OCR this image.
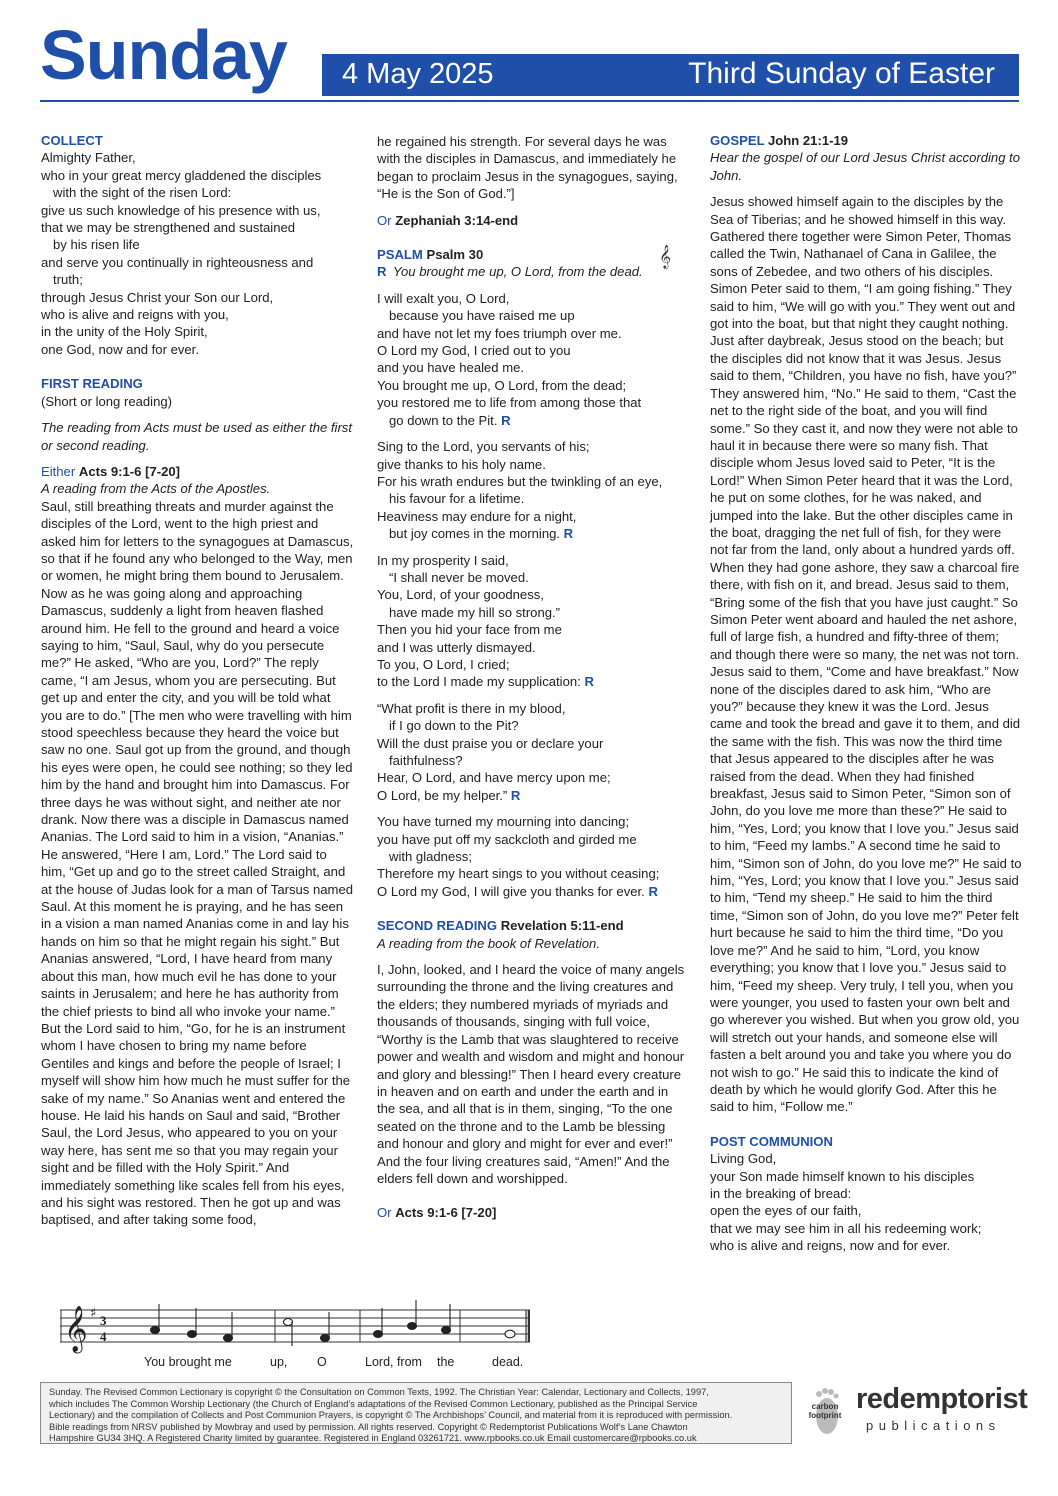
Sunday 4 May 2025	Third Sunday of Easter
COLLECT
Almighty Father,
who in your great mercy gladdened the disciples
with the sight of the risen Lord:
give us such knowledge of his presence with us,
that we may be strengthened and sustained
by his risen life
and serve you continually in righteousness and
truth;
through Jesus Christ your Son our Lord,
who is alive and reigns with you,
in the unity of the Holy Spirit,
one God, now and for ever.
FIRST READING
(Short or long reading)
The reading from Acts must be used as either the first or second reading.
Either Acts 9:1-6 [7-20]
A reading from the Acts of the Apostles.
Saul, still breathing threats and murder against the disciples of the Lord, went to the high priest and asked him for letters to the synagogues at Damascus, so that if he found any who belonged to the Way, men or women, he might bring them bound to Jerusalem. Now as he was going along and approaching Damascus, suddenly a light from heaven flashed around him. He fell to the ground and heard a voice saying to him, “Saul, Saul, why do you persecute me?” He asked, “Who are you, Lord?” The reply came, “I am Jesus, whom you are persecuting. But get up and enter the city, and you will be told what you are to do.” [The men who were travelling with him stood speechless because they heard the voice but saw no one. Saul got up from the ground, and though his eyes were open, he could see nothing; so they led him by the hand and brought him into Damascus. For three days he was without sight, and neither ate nor drank. Now there was a disciple in Damascus named Ananias. The Lord said to him in a vision, “Ananias.” He answered, “Here I am, Lord.” The Lord said to him, “Get up and go to the street called Straight, and at the house of Judas look for a man of Tarsus named Saul. At this moment he is praying, and he has seen in a vision a man named Ananias come in and lay his hands on him so that he might regain his sight.” But Ananias answered, “Lord, I have heard from many about this man, how much evil he has done to your saints in Jerusalem; and here he has authority from the chief priests to bind all who invoke your name.” But the Lord said to him, “Go, for he is an instrument whom I have chosen to bring my name before Gentiles and kings and before the people of Israel; I myself will show him how much he must suffer for the sake of my name.” So Ananias went and entered the house. He laid his hands on Saul and said, “Brother Saul, the Lord Jesus, who appeared to you on your way here, has sent me so that you may regain your sight and be filled with the Holy Spirit.” And immediately something like scales fell from his eyes, and his sight was restored. Then he got up and was baptised, and after taking some food,
he regained his strength. For several days he was with the disciples in Damascus, and immediately he began to proclaim Jesus in the synagogues, saying, “He is the Son of God.”]
Or Zephaniah 3:14-end
PSALM Psalm 30	𝄞
R You brought me up, O Lord, from the dead.
I will exalt you, O Lord,
because you have raised me up
and have not let my foes triumph over me.
O Lord my God, I cried out to you
and you have healed me.
You brought me up, O Lord, from the dead;
you restored me to life from among those that
go down to the Pit. R
Sing to the Lord, you servants of his;
give thanks to his holy name.
For his wrath endures but the twinkling of an eye,
his favour for a lifetime.
Heaviness may endure for a night,
but joy comes in the morning. R
In my prosperity I said,
“I shall never be moved.
You, Lord, of your goodness,
have made my hill so strong.”
Then you hid your face from me
and I was utterly dismayed.
To you, O Lord, I cried;
to the Lord I made my supplication: R
“What profit is there in my blood,
if I go down to the Pit?
Will the dust praise you or declare your
faithfulness?
Hear, O Lord, and have mercy upon me;
O Lord, be my helper.” R
You have turned my mourning into dancing;
you have put off my sackcloth and girded me
with gladness;
Therefore my heart sings to you without ceasing;
O Lord my God, I will give you thanks for ever. R
SECOND READING Revelation 5:11-end
A reading from the book of Revelation.
I, John, looked, and I heard the voice of many angels surrounding the throne and the living creatures and the elders; they numbered myriads of myriads and thousands of thousands, singing with full voice, “Worthy is the Lamb that was slaughtered to receive power and wealth and wisdom and might and honour and glory and blessing!” Then I heard every creature in heaven and on earth and under the earth and in the sea, and all that is in them, singing, “To the one seated on the throne and to the Lamb be blessing and honour and glory and might for ever and ever!” And the four living creatures said, “Amen!” And the elders fell down and worshipped.
Or Acts 9:1-6 [7-20]
GOSPEL John 21:1-19
Hear the gospel of our Lord Jesus Christ according to John.
Jesus showed himself again to the disciples by the Sea of Tiberias; and he showed himself in this way. Gathered there together were Simon Peter, Thomas called the Twin, Nathanael of Cana in Galilee, the sons of Zebedee, and two others of his disciples. Simon Peter said to them, “I am going fishing.” They said to him, “We will go with you.” They went out and got into the boat, but that night they caught nothing. Just after daybreak, Jesus stood on the beach; but the disciples did not know that it was Jesus. Jesus said to them, “Children, you have no fish, have you?” They answered him, “No.” He said to them, “Cast the net to the right side of the boat, and you will find some.” So they cast it, and now they were not able to haul it in because there were so many fish. That disciple whom Jesus loved said to Peter, “It is the Lord!” When Simon Peter heard that it was the Lord, he put on some clothes, for he was naked, and jumped into the lake. But the other disciples came in the boat, dragging the net full of fish, for they were not far from the land, only about a hundred yards off. When they had gone ashore, they saw a charcoal fire there, with fish on it, and bread. Jesus said to them, “Bring some of the fish that you have just caught.” So Simon Peter went aboard and hauled the net ashore, full of large fish, a hundred and fifty-three of them; and though there were so many, the net was not torn. Jesus said to them, “Come and have breakfast.” Now none of the disciples dared to ask him, “Who are you?” because they knew it was the Lord. Jesus came and took the bread and gave it to them, and did the same with the fish. This was now the third time that Jesus appeared to the disciples after he was raised from the dead. When they had finished breakfast, Jesus said to Simon Peter, “Simon son of John, do you love me more than these?” He said to him, “Yes, Lord; you know that I love you.” Jesus said to him, “Feed my lambs.” A second time he said to him, “Simon son of John, do you love me?” He said to him, “Yes, Lord; you know that I love you.” Jesus said to him, “Tend my sheep.” He said to him the third time, “Simon son of John, do you love me?” Peter felt hurt because he said to him the third time, “Do you love me?” And he said to him, “Lord, you know everything; you know that I love you.” Jesus said to him, “Feed my sheep. Very truly, I tell you, when you were younger, you used to fasten your own belt and go wherever you wished. But when you grow old, you will stretch out your hands, and someone else will fasten a belt around you and take you where you do not wish to go.” He said this to indicate the kind of death by which he would glorify God. After this he said to him, “Follow me.”
POST COMMUNION
Living God,
your Son made himself known to his disciples
in the breaking of bread:
open the eyes of our faith,
that we may see him in all his redeeming work;
who is alive and reigns, now and for ever.
𝄞 ♯ 3
4
You brought me	up, O	Lord, from the	dead.
Sunday. The Revised Common Lectionary is copyright © the Consultation on Common Texts, 1992. The Christian Year: Calendar, Lectionary and Collects, 1997,
which includes The Common Worship Lectionary (the Church of England’s adaptations of the Revised Common Lectionary, published as the Principal Service
Lectionary) and the compilation of Collects and Post Communion Prayers, is copyright © The Archbishops’ Council, and material from it is reproduced with permission.
Bible readings from NRSV published by Mowbray and used by permission. All rights reserved. Copyright © Redemptorist Publications Wolf’s Lane Chawton
Hampshire GU34 3HQ. A Registered Charity limited by guarantee. Registered in England 03261721. www.rpbooks.co.uk Email customercare@rpbooks.co.uk
carbon
footprint
redemptorist
publications
